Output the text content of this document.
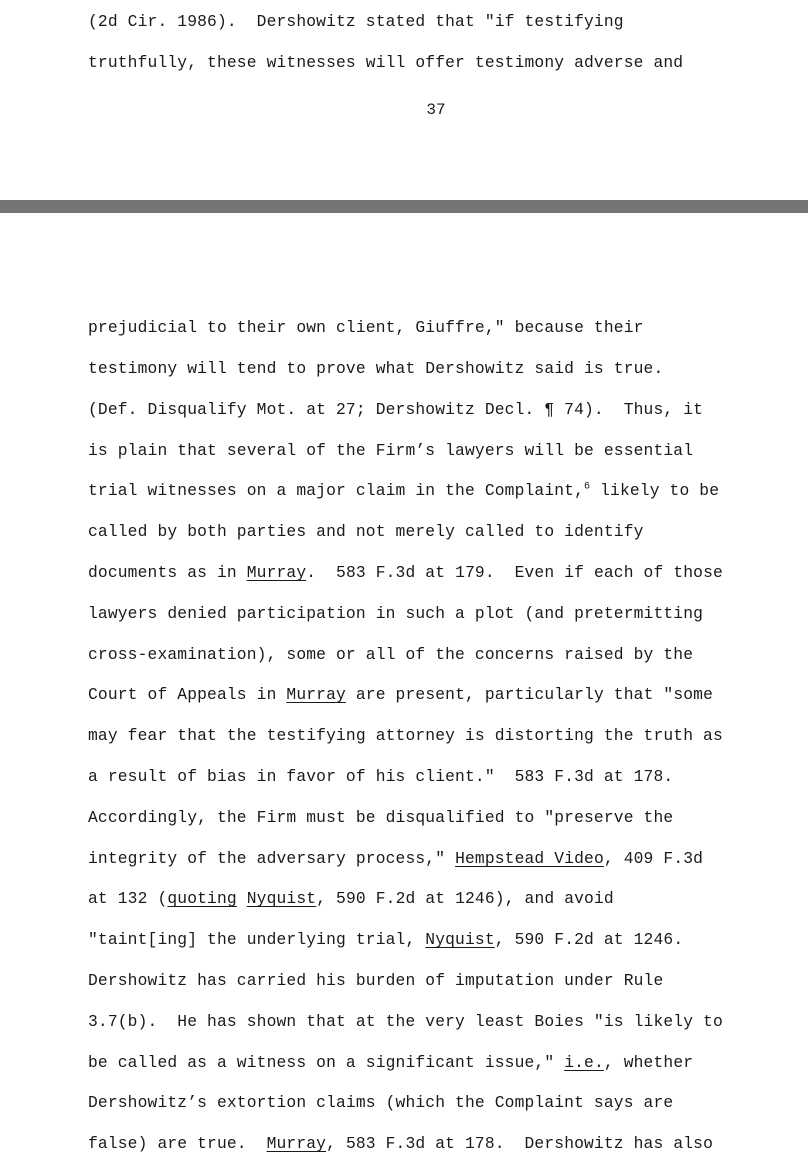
(2d Cir. 1986).  Dershowitz stated that "if testifying
truthfully, these witnesses will offer testimony adverse and
37
prejudicial to their own client, Giuffre," because their
testimony will tend to prove what Dershowitz said is true.
(Def. Disqualify Mot. at 27; Dershowitz Decl. ¶ 74).  Thus, it
is plain that several of the Firm’s lawyers will be essential
trial witnesses on a major claim in the Complaint,$^6$ likely to be
called by both parties and not merely called to identify
documents as in Murray.  583 F.3d at 179.  Even if each of those
lawyers denied participation in such a plot (and pretermitting
cross-examination), some or all of the concerns raised by the
Court of Appeals in Murray are present, particularly that "some
may fear that the testifying attorney is distorting the truth as
a result of bias in favor of his client."  583 F.3d at 178.
Accordingly, the Firm must be disqualified to "preserve the
integrity of the adversary process," Hempstead Video, 409 F.3d
at 132 (quoting Nyquist, 590 F.2d at 1246), and avoid
"taint[ing] the underlying trial, Nyquist, 590 F.2d at 1246.
Dershowitz has carried his burden of imputation under Rule
3.7(b).  He has shown that at the very least Boies "is likely to
be called as a witness on a significant issue," i.e., whether
Dershowitz’s extortion claims (which the Complaint says are
false) are true.  Murray, 583 F.3d at 178.  Dershowitz has also
